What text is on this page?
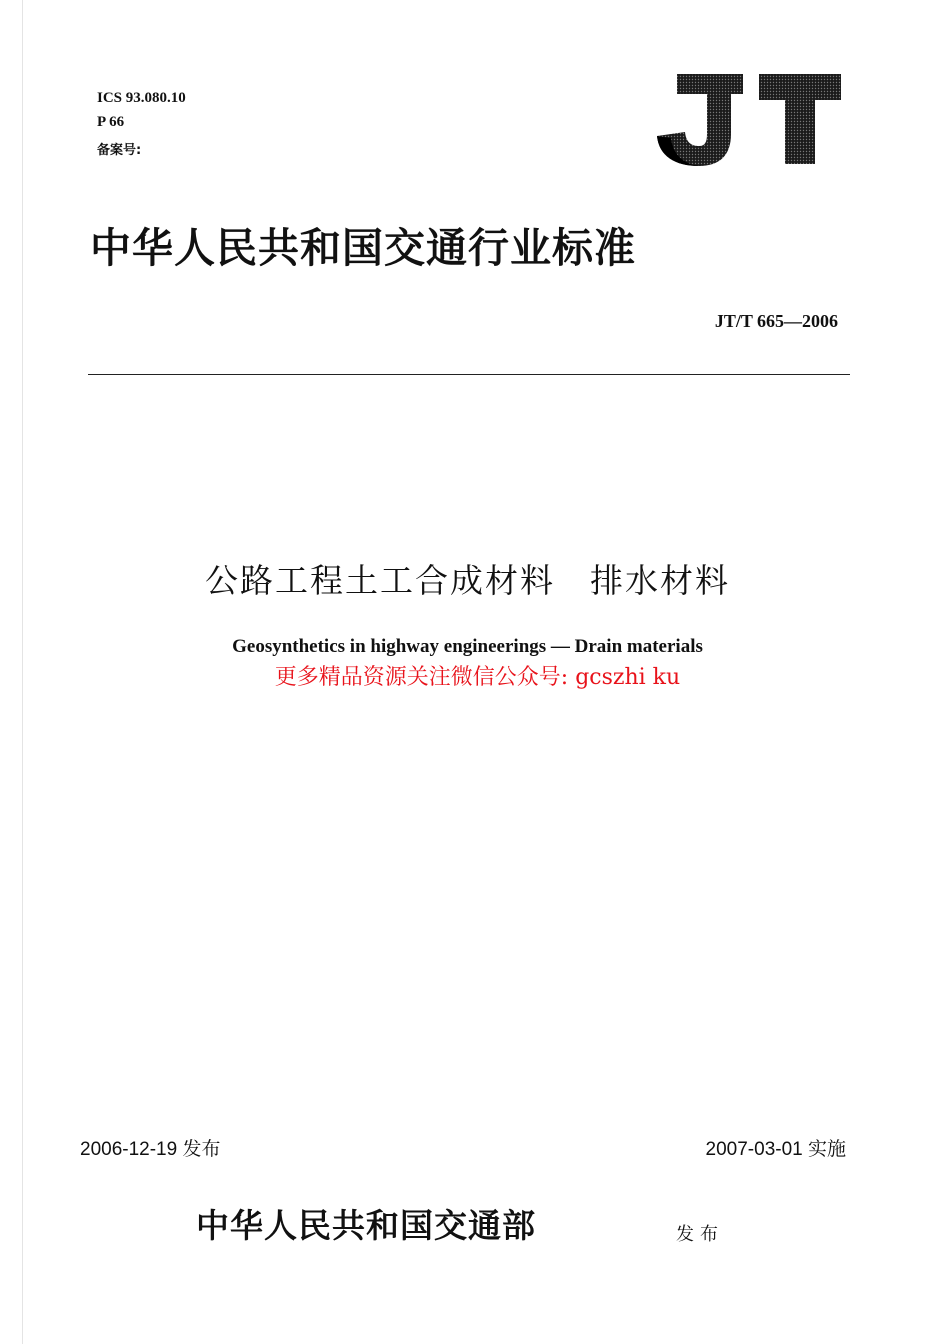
ICS 93.080.10
P 66
备案号:
JT
中华人民共和国交通行业标准
JT/T 665—2006
公路工程土工合成材料　排水材料
Geosynthetics in highway engineerings — Drain materials
更多精品资源关注微信公众号: gcszhi ku
2006-12-19 发布	2007-03-01 实施
中华人民共和国交通部	发布
